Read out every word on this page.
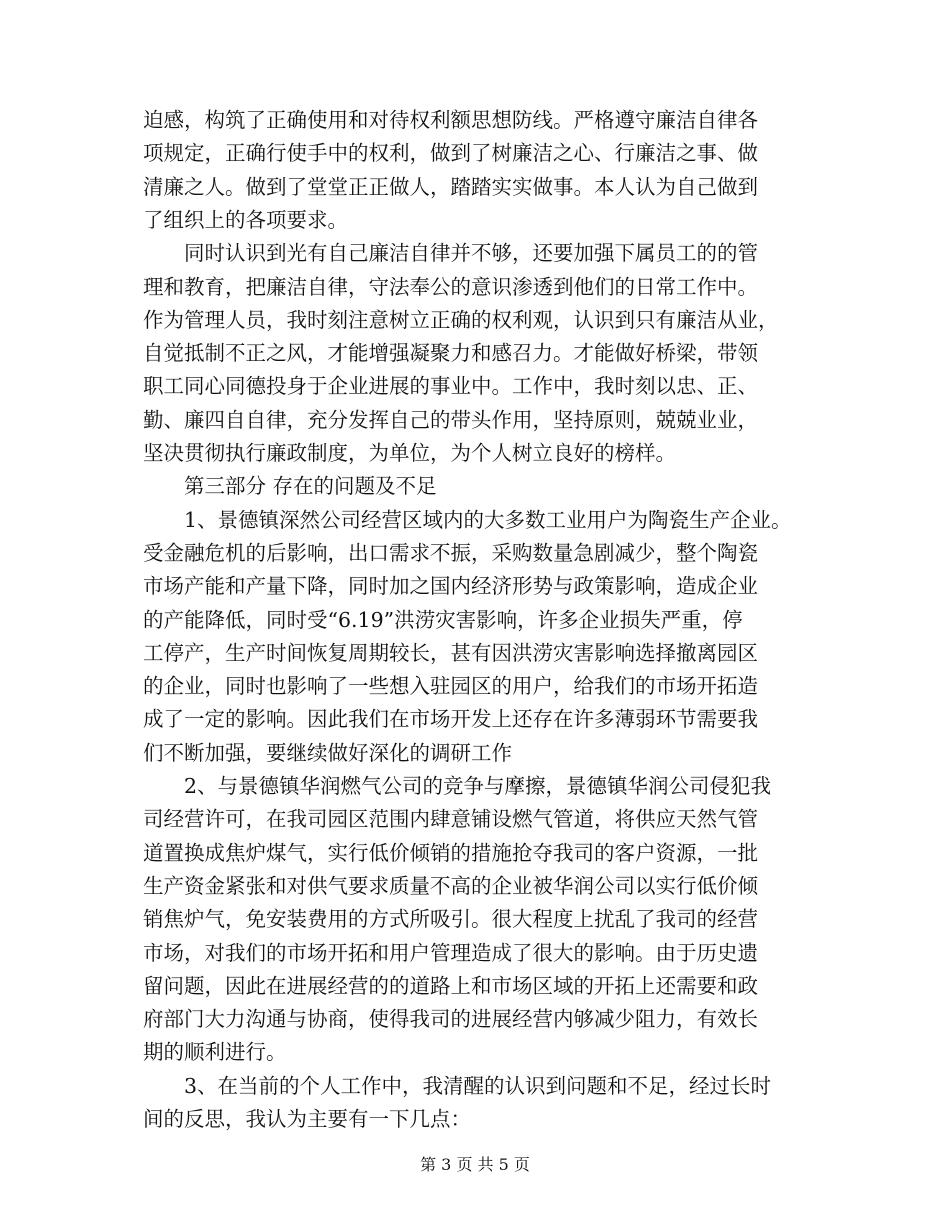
迫感，构筑了正确使用和对待权利额思想防线。严格遵守廉洁自律各
项规定，正确行使手中的权利，做到了树廉洁之心、行廉洁之事、做
清廉之人。做到了堂堂正正做人，踏踏实实做事。本人认为自己做到
了组织上的各项要求。
　　同时认识到光有自己廉洁自律并不够，还要加强下属员工的的管
理和教育，把廉洁自律，守法奉公的意识渗透到他们的日常工作中。
作为管理人员，我时刻注意树立正确的权利观，认识到只有廉洁从业，
自觉抵制不正之风，才能增强凝聚力和感召力。才能做好桥梁，带领
职工同心同德投身于企业进展的事业中。工作中，我时刻以忠、正、
勤、廉四自自律，充分发挥自己的带头作用，坚持原则，兢兢业业，
坚决贯彻执行廉政制度，为单位，为个人树立良好的榜样。
　　第三部分 存在的问题及不足
　　1、景德镇深然公司经营区域内的大多数工业用户为陶瓷生产企业。
受金融危机的后影响，出口需求不振，采购数量急剧减少，整个陶瓷
市场产能和产量下降，同时加之国内经济形势与政策影响，造成企业
的产能降低，同时受“6.19”洪涝灾害影响，许多企业损失严重，停
工停产，生产时间恢复周期较长，甚有因洪涝灾害影响选择撤离园区
的企业，同时也影响了一些想入驻园区的用户，给我们的市场开拓造
成了一定的影响。因此我们在市场开发上还存在许多薄弱环节需要我
们不断加强，要继续做好深化的调研工作
　　2、与景德镇华润燃气公司的竞争与摩擦，景德镇华润公司侵犯我
司经营许可，在我司园区范围内肆意铺设燃气管道，将供应天然气管
道置换成焦炉煤气，实行低价倾销的措施抢夺我司的客户资源，一批
生产资金紧张和对供气要求质量不高的企业被华润公司以实行低价倾
销焦炉气，免安装费用的方式所吸引。很大程度上扰乱了我司的经营
市场，对我们的市场开拓和用户管理造成了很大的影响。由于历史遗
留问题，因此在进展经营的的道路上和市场区域的开拓上还需要和政
府部门大力沟通与协商，使得我司的进展经营内够减少阻力，有效长
期的顺利进行。
　　3、在当前的个人工作中，我清醒的认识到问题和不足，经过长时
间的反思，我认为主要有一下几点：
第 3 页 共 5 页
